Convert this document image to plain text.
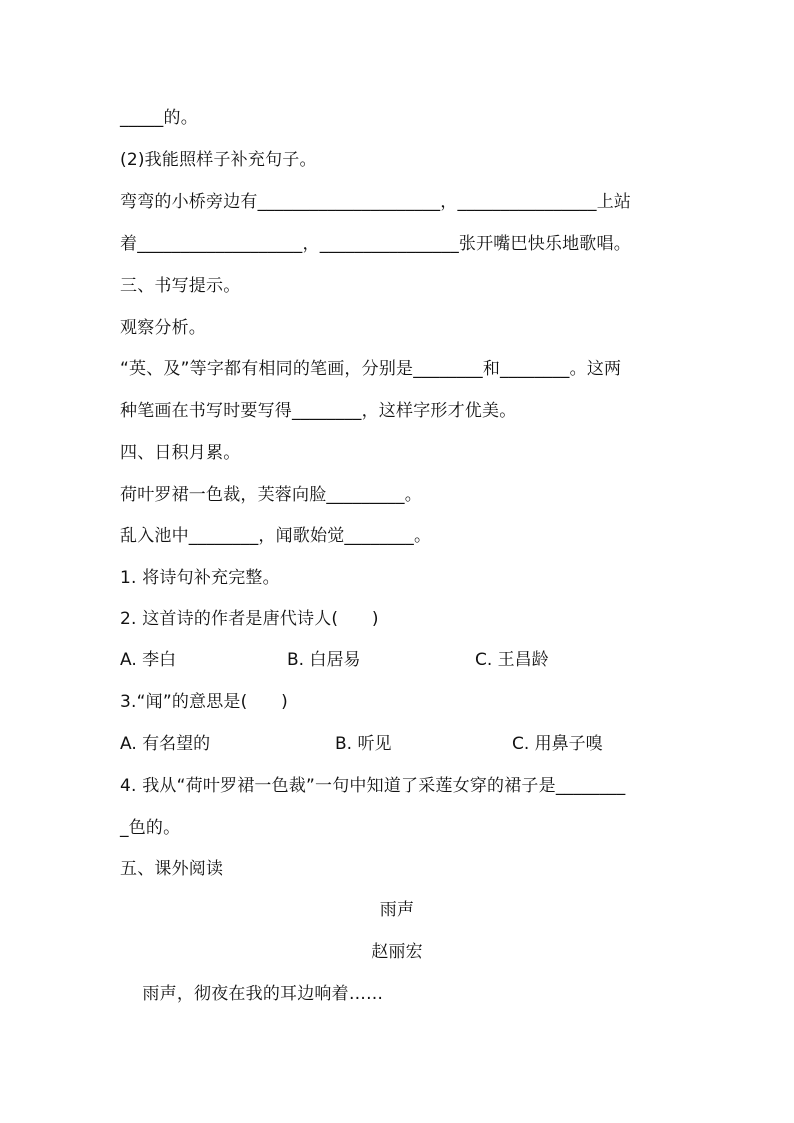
_____的。
(2)我能照样子补充句子。
弯弯的小桥旁边有_____________________，________________上站
着___________________，________________张开嘴巴快乐地歌唱。
三、书写提示。
观察分析。
“英、及”等字都有相同的笔画，分别是________和________。这两
种笔画在书写时要写得________，这样字形才优美。
四、日积月累。
荷叶罗裙一色裁，芙蓉向脸_________。
乱入池中________，闻歌始觉________。
1. 将诗句补充完整。
2. 这首诗的作者是唐代诗人(      )
A. 李白	B. 白居易	C. 王昌龄
3.“闻”的意思是(      )
A. 有名望的	B. 听见	C. 用鼻子嗅
4. 我从“荷叶罗裙一色裁”一句中知道了采莲女穿的裙子是________
_色的。
五、课外阅读
雨声
赵丽宏
雨声，彻夜在我的耳边响着……
